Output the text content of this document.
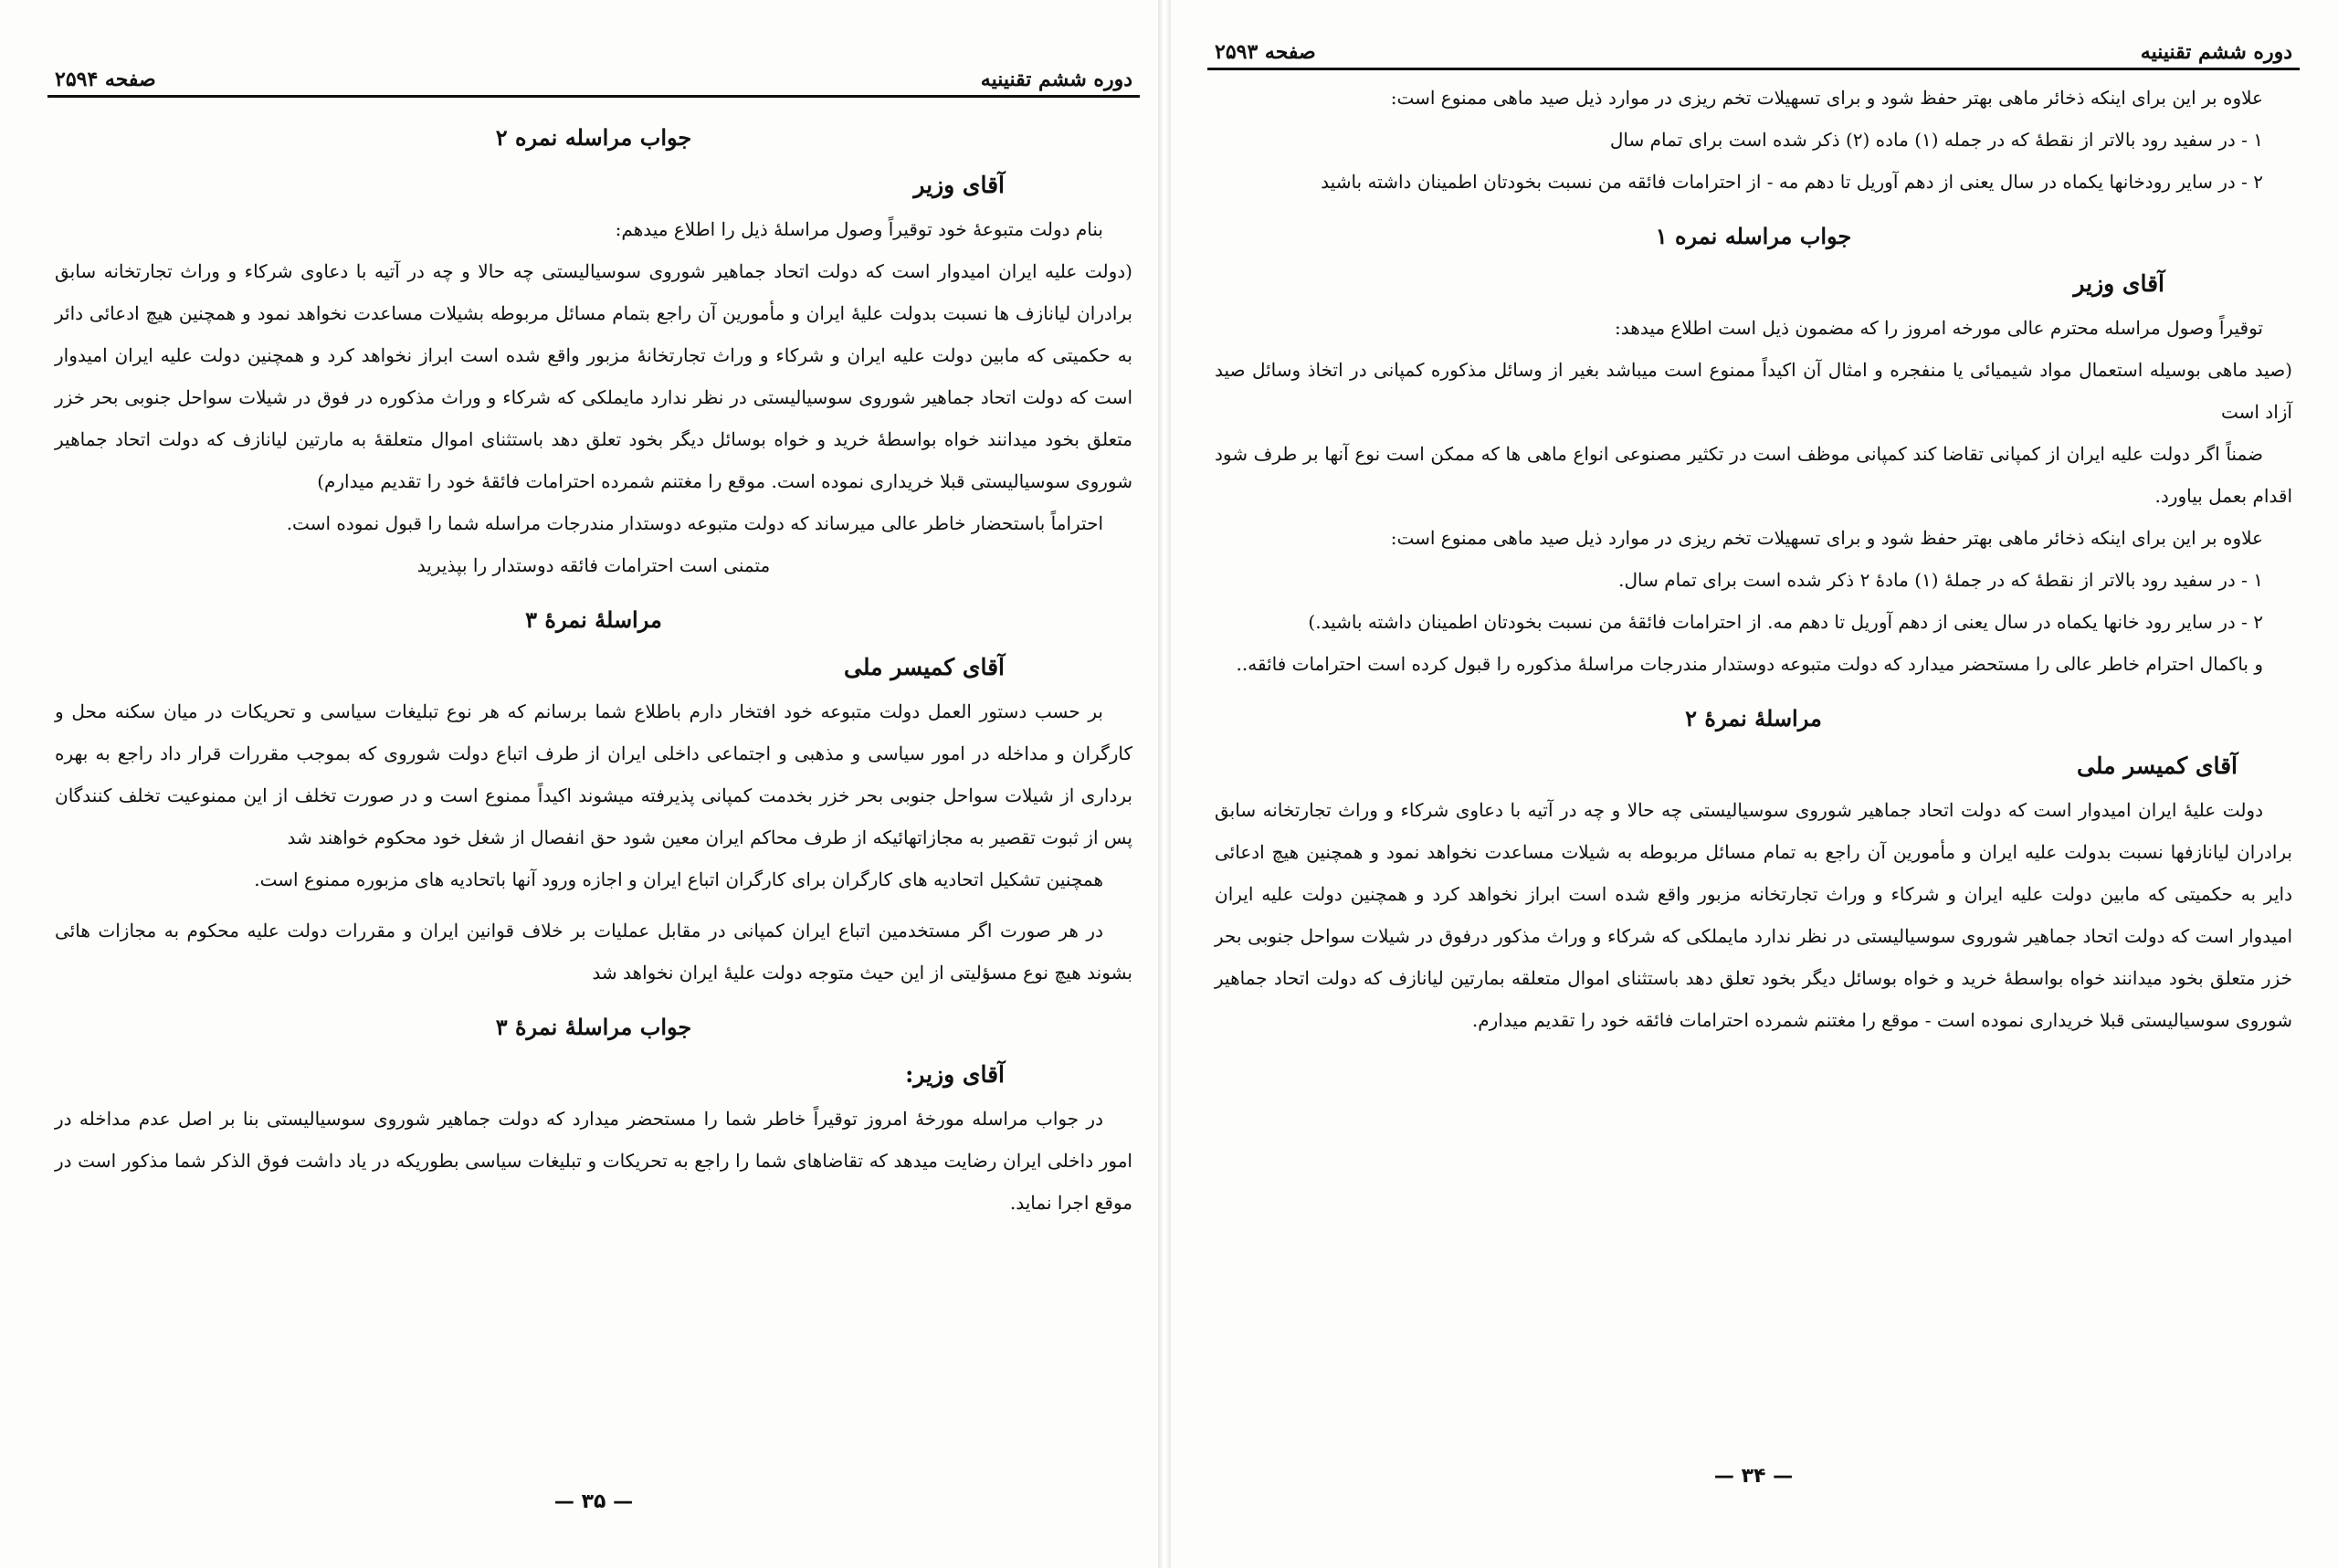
دوره ششم تقنینیه
صفحه ۲۵۹۴
جواب مراسله نمره ۲
آقای وزیر

بنام دولت متبوعهٔ خود توقیراً وصول مراسلهٔ ذیل را اطلاع میدهم:

(دولت علیه ایران امیدوار است که دولت اتحاد جماهیر شوروی سوسیالیستی چه حالا و چه در آتیه با دعاوی شرکاء و وراث تجارتخانه سابق برادران لیانازف ها نسبت بدولت علیهٔ ایران و مأمورین آن راجع بتمام مسائل مربوطه بشیلات مساعدت نخواهد نمود و همچنین هیچ ادعائی دائر به حکمیتی که مابین دولت علیه ایران و شرکاء و وراث تجارتخانهٔ مزبور واقع شده است ابراز نخواهد کرد و همچنین دولت علیه ایران امیدوار است که دولت اتحاد جماهیر شوروی سوسیالیستی در نظر ندارد مایملکی که شرکاء و وراث مذکوره در فوق در شیلات سواحل جنوبی بحر خزر متعلق بخود میدانند خواه بواسطهٔ خرید و خواه بوسائل دیگر بخود تعلق دهد باستثنای اموال متعلقهٔ به مارتین لیانازف که دولت اتحاد جماهیر شوروی سوسیالیستی قبلا خریداری نموده است. موقع را مغتنم شمرده احترامات فائقهٔ خود را تقدیم میدارم)

احتراماً باستحضار خاطر عالی میرساند که دولت متبوعه دوستدار مندرجات مراسله شما را قبول نموده است.

متمنی است احترامات فائقه دوستدار را بپذیرید

مراسلهٔ نمرهٔ ۳
آقای کمیسر ملی

بر حسب دستور العمل دولت متبوعه خود افتخار دارم باطلاع شما برسانم که هر نوع تبلیغات سیاسی و تحریکات در میان سکنه محل و کارگران و مداخله در امور سیاسی و مذهبی و اجتماعی داخلی ایران از طرف اتباع دولت شوروی که بموجب مقررات قرار داد راجع به بهره برداری از شیلات سواحل جنوبی بحر خزر بخدمت کمپانی پذیرفته میشوند اکیداً ممنوع است و در صورت تخلف از این ممنوعیت تخلف کنندگان پس از ثبوت تقصیر به مجازاتهائیکه از طرف محاکم ایران معین شود حق انفصال از شغل خود محکوم خواهند شد

همچنین تشکیل اتحادیه های کارگران برای کارگران اتباع ایران و اجازه ورود آنها باتحادیه های مزبوره ممنوع است.

در هر صورت اگر مستخدمین اتباع ایران کمپانی در مقابل عملیات بر خلاف قوانین ایران و مقررات دولت علیه محکوم به مجازات هائی بشوند هیچ نوع مسؤلیتی از این حیث متوجه دولت علیهٔ ایران نخواهد شد

جواب مراسلهٔ نمرهٔ ۳
آقای وزیر:

در جواب مراسله مورخهٔ امروز توقیراً خاطر شما را مستحضر میدارد که دولت جماهیر شوروی سوسیالیستی بنا بر اصل عدم مداخله در امور داخلی ایران رضایت میدهد که تقاضاهای شما را راجع به تحریکات و تبلیغات سیاسی بطوریکه در یاد داشت فوق الذکر شما مذکور است در موقع اجرا نماید.

— ۳۵ —
دوره ششم تقنینیه
صفحه ۲۵۹۳

علاوه بر این برای اینکه ذخائر ماهی بهتر حفظ شود و برای تسهیلات تخم ریزی در موارد ذیل صید ماهی ممنوع است:

۱ - در سفید رود بالاتر از نقطهٔ که در جمله (۱) ماده (۲) ذکر شده است برای تمام سال

۲ - در سایر رودخانها یکماه در سال یعنی از دهم آوریل تا دهم مه - از احترامات فائقه من نسبت بخودتان اطمینان داشته باشید

جواب مراسله نمره ۱
آقای وزیر

توقیراً وصول مراسله محترم عالی مورخه امروز را که مضمون ذیل است اطلاع میدهد:

(صید ماهی بوسیله استعمال مواد شیمیائی یا منفجره و امثال آن اکیداً ممنوع است میباشد بغیر از وسائل مذکوره کمپانی در اتخاذ وسائل صید آزاد است

ضمناً اگر دولت علیه ایران از کمپانی تقاضا کند کمپانی موظف است در تکثیر مصنوعی انواع ماهی ها که ممکن است نوع آنها بر طرف شود اقدام بعمل بیاورد.

علاوه بر این برای اینکه ذخائر ماهی بهتر حفظ شود و برای تسهیلات تخم ریزی در موارد ذیل صید ماهی ممنوع است:

۱ - در سفید رود بالاتر از نقطهٔ که در جملهٔ (۱) مادهٔ ۲ ذکر شده است برای تمام سال.

۲ - در سایر رود خانها یکماه در سال یعنی از دهم آوریل تا دهم مه. از احترامات فائقهٔ من نسبت بخودتان اطمینان داشته باشید.)

و باکمال احترام خاطر عالی را مستحضر میدارد که دولت متبوعه دوستدار مندرجات مراسلهٔ مذکوره را قبول کرده است احترامات فائقه..

مراسلهٔ نمرهٔ ۲
آقای کمیسر ملی

دولت علیهٔ ایران امیدوار است که دولت اتحاد جماهیر شوروی سوسیالیستی چه حالا و چه در آتیه با دعاوی شرکاء و وراث تجارتخانه سابق برادران لیانازفها نسبت بدولت علیه ایران و مأمورین آن راجع به تمام مسائل مربوطه به شیلات مساعدت نخواهد نمود و همچنین هیچ ادعائی دایر به حکمیتی که مابین دولت علیه ایران و شرکاء و وراث تجارتخانه مزبور واقع شده است ابراز نخواهد کرد و همچنین دولت علیه ایران امیدوار است که دولت اتحاد جماهیر شوروی سوسیالیستی در نظر ندارد مایملکی که شرکاء و وراث مذکور درفوق در شیلات سواحل جنوبی بحر خزر متعلق بخود میدانند خواه بواسطهٔ خرید و خواه بوسائل دیگر بخود تعلق دهد باستثنای اموال متعلقه بمارتین لیانازف که دولت اتحاد جماهیر شوروی سوسیالیستی قبلا خریداری نموده است - موقع را مغتنم شمرده احترامات فائقه خود را تقدیم میدارم.

— ۳۴ —
